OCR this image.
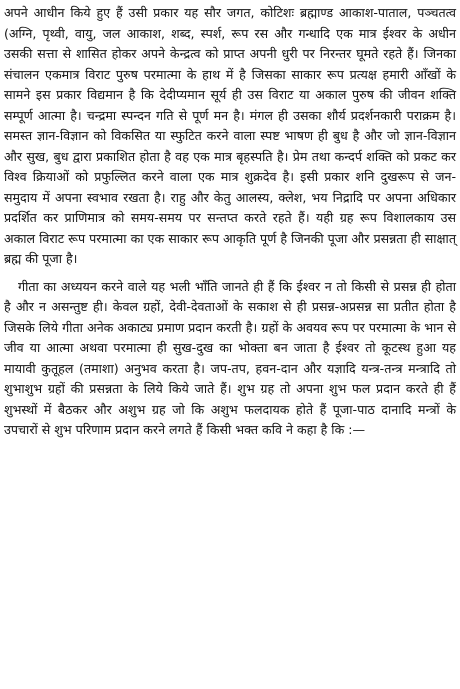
अपने आधीन किये हुए हैं उसी प्रकार यह सौर जगत, कोटिशः ब्रह्माण्ड आकाश-पाताल, पञ्चतत्व (अग्नि, पृथ्वी, वायु, जल आकाश, शब्द, स्पर्श, रूप रस और गन्धादि एक मात्र ईश्वर के अधीन उसकी सत्ता से शासित होकर अपने केन्द्रत्व को प्राप्त अपनी धुरी पर निरन्तर घूमते रहते हैं। जिनका संचालन एकमात्र विराट पुरुष परमात्मा के हाथ में है जिसका साकार रूप प्रत्यक्ष हमारी आँखों के सामने इस प्रकार विद्यमान है कि देदीप्यमान सूर्य ही उस विराट या अकाल पुरुष की जीवन शक्ति सम्पूर्ण आत्मा है। चन्द्रमा स्पन्दन गति से पूर्ण मन है। मंगल ही उसका शौर्य प्रदर्शनकारी पराक्रम है। समस्त ज्ञान-विज्ञान को विकसित या स्फुटित करने वाला स्पष्ट भाषण ही बुध है और जो ज्ञान-विज्ञान और सुख, बुध द्वारा प्रकाशित होता है वह एक मात्र बृहस्पति है। प्रेम तथा कन्दर्प शक्ति को प्रकट कर विश्व क्रियाओं को प्रफुल्लित करने वाला एक मात्र शुक्रदेव है। इसी प्रकार शनि दुखरूप से जन-समुदाय में अपना स्वभाव रखता है। राहु और केतु आलस्य, क्लेश, भय निद्रादि पर अपना अधिकार प्रदर्शित कर प्राणिमात्र को समय-समय पर सन्तप्त करते रहते हैं। यही ग्रह रूप विशालकाय उस अकाल विराट रूप परमात्मा का एक साकार रूप आकृति पूर्ण है जिनकी पूजा और प्रसन्नता ही साक्षात् ब्रह्म की पूजा है।

गीता का अध्ययन करने वाले यह भली भाँति जानते ही हैं कि ईश्वर न तो किसी से प्रसन्न ही होता है और न असन्तुष्ट ही। केवल ग्रहों, देवी-देवताओं के सकाश से ही प्रसन्न-अप्रसन्न सा प्रतीत होता है जिसके लिये गीता अनेक अकाट्य प्रमाण प्रदान करती है। ग्रहों के अवयव रूप पर परमात्मा के भान से जीव या आत्मा अथवा परमात्मा ही सुख-दुख का भोक्ता बन जाता है ईश्वर तो कूटस्थ हुआ यह मायावी कुतूहल (तमाशा) अनुभव करता है। जप-तप, हवन-दान और यज्ञादि यन्त्र-तन्त्र मन्त्रादि तो शुभाशुभ ग्रहों की प्रसन्नता के लिये किये जाते हैं। शुभ ग्रह तो अपना शुभ फल प्रदान करते ही हैं शुभस्थों में बैठकर और अशुभ ग्रह जो कि अशुभ फलदायक होते हैं पूजा-पाठ दानादि मन्त्रों के उपचारों से शुभ परिणाम प्रदान करने लगते हैं किसी भक्त कवि ने कहा है कि :—
